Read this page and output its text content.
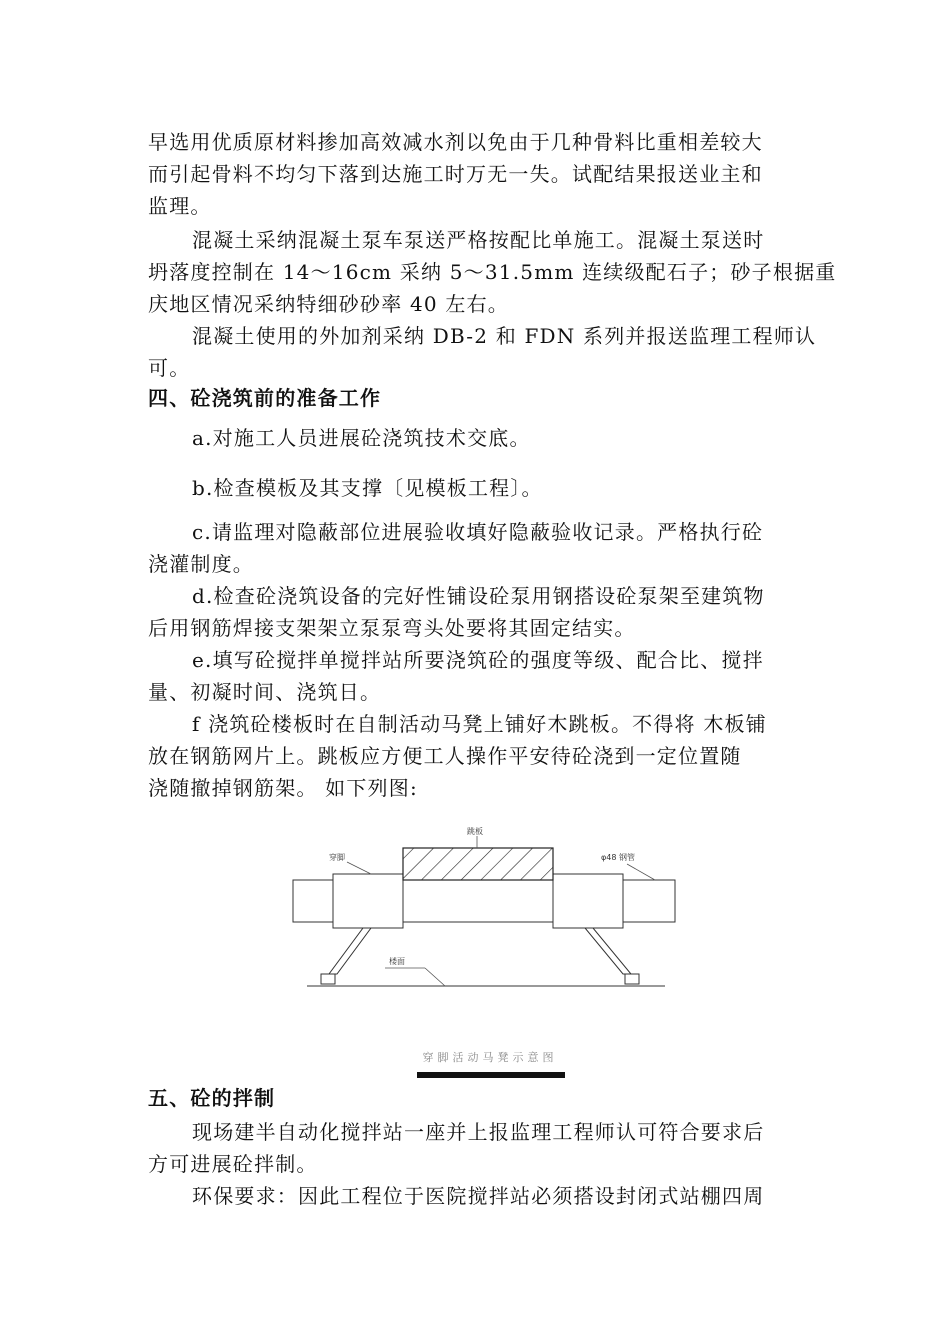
早选用优质原材料掺加高效减水剂以免由于几种骨料比重相差较大
而引起骨料不均匀下落到达施工时万无一失。试配结果报送业主和
监理。
混凝土采纳混凝土泵车泵送严格按配比单施工。混凝土泵送时
坍落度控制在 14～16cm 采纳 5～31.5mm 连续级配石子；砂子根据重
庆地区情况采纳特细砂砂率 40 左右。
混凝土使用的外加剂采纳 DB-2 和 FDN 系列并报送监理工程师认
可。
四、砼浇筑前的准备工作
a.对施工人员进展砼浇筑技术交底。
b.检查模板及其支撑〔见模板工程〕。
c.请监理对隐蔽部位进展验收填好隐蔽验收记录。严格执行砼
浇灌制度。
d.检查砼浇筑设备的完好性铺设砼泵用钢搭设砼泵架至建筑物
后用钢筋焊接支架架立泵泵弯头处要将其固定结实。
e.填写砼搅拌单搅拌站所要浇筑砼的强度等级、配合比、搅拌
量、初凝时间、浇筑日。
f 浇筑砼楼板时在自制活动马凳上铺好木跳板。不得将 木板铺
放在钢筋网片上。跳板应方便工人操作平安待砼浇到一定位置随
浇随撤掉钢筋架。 如下列图:
跳板
穿脚	φ48 钢管
楼面
穿脚活动马凳示意图
五、砼的拌制
现场建半自动化搅拌站一座并上报监理工程师认可符合要求后
方可进展砼拌制。
环保要求：因此工程位于医院搅拌站必须搭设封闭式站棚四周
